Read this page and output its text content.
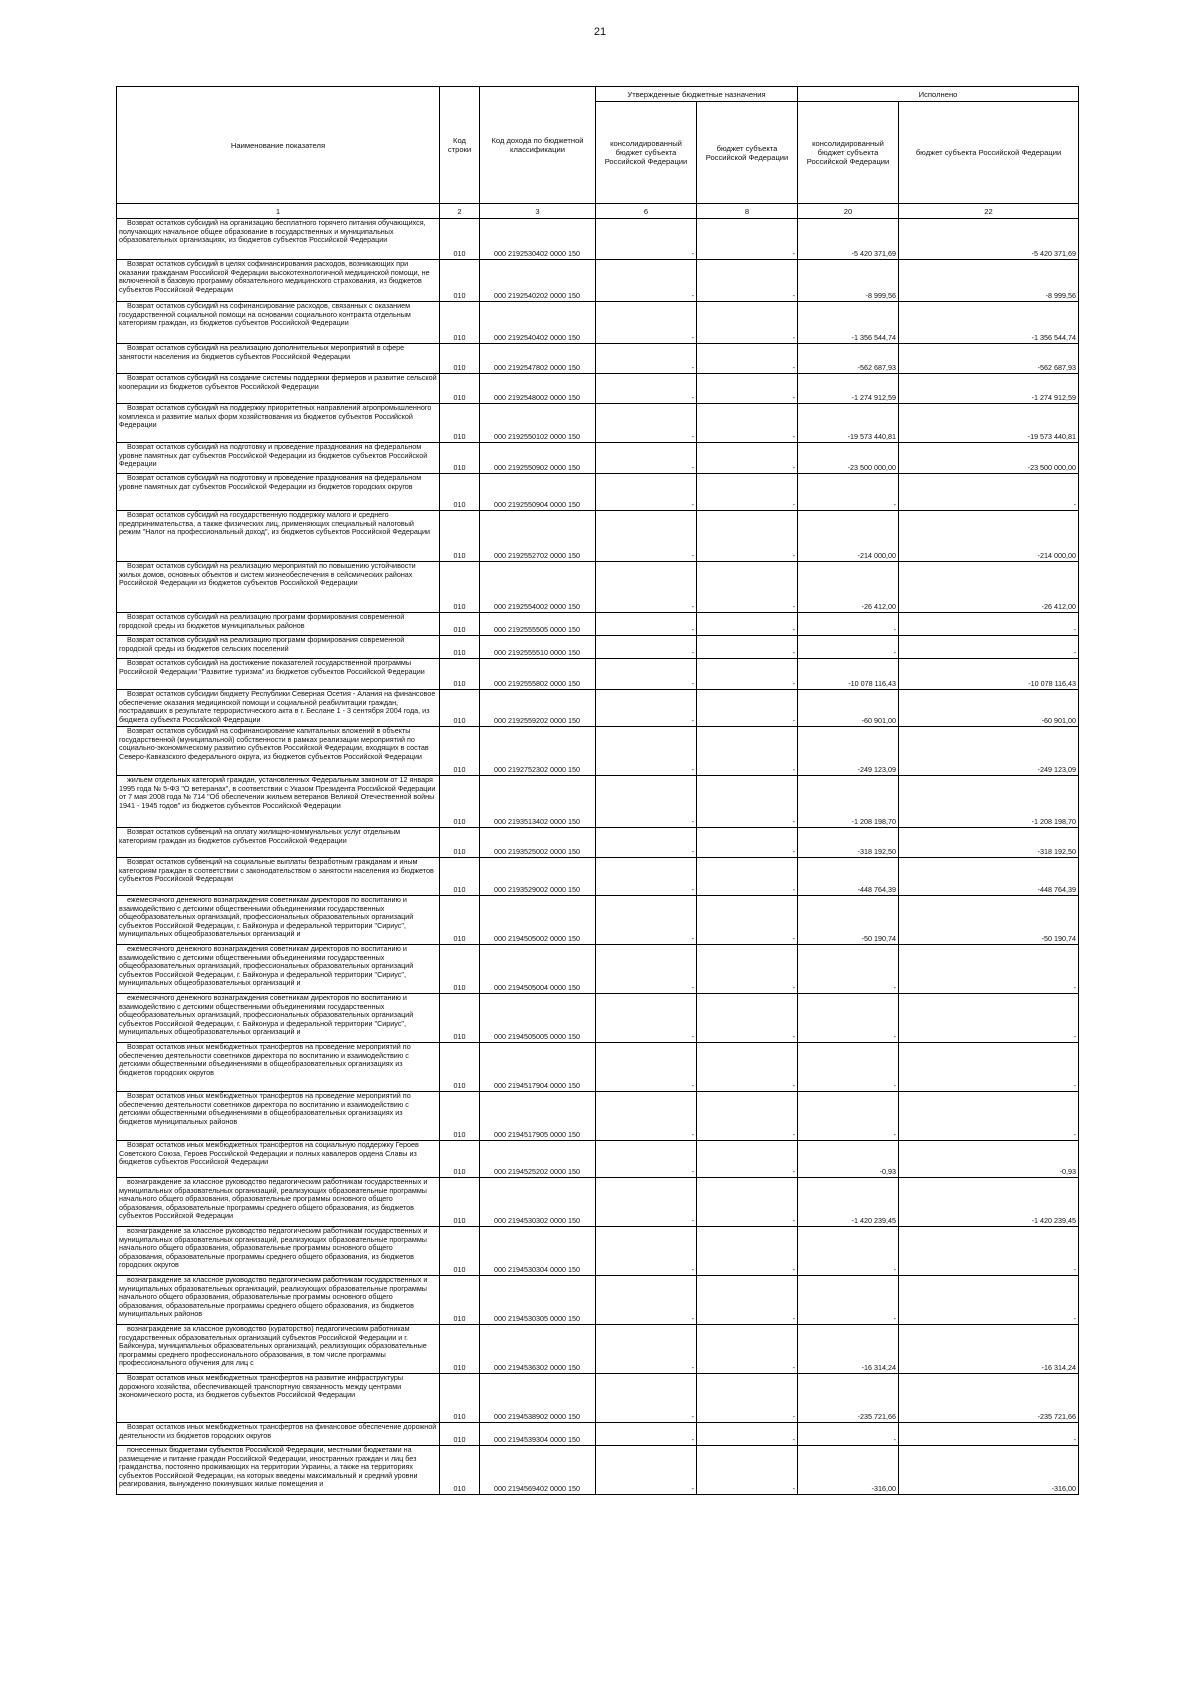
21
Наименование показателя	Код строки	Код дохода по бюджетной классификации	Утвержденные бюджетные назначения		Исполнено	
			консолидированный бюджет субъекта Российской Федерации	бюджет субъекта Российской Федерации	консолидированный бюджет субъекта Российской Федерации	бюджет субъекта Российской Федерации
1	2	3	6	8	20	22
Возврат остатков субсидий на организацию бесплатного горячего питания обучающихся, получающих начальное общее образование в государственных и муниципальных образовательных организациях, из бюджетов субъектов Российской Федерации	010	000 2192530402 0000 150	-	-	-5 420 371,69	-5 420 371,69
Возврат остатков субсидий в целях софинансирования расходов, возникающих при оказании гражданам Российской Федерации высокотехнологичной медицинской помощи, не включенной в базовую программу обязательного медицинского страхования, из бюджетов субъектов Российской Федерации	010	000 2192540202 0000 150	-	-	-8 999,56	-8 999,56
Возврат остатков субсидий на софинансирование расходов, связанных с оказанием государственной социальной помощи на основании социального контракта отдельным категориям граждан, из бюджетов субъектов Российской Федерации	010	000 2192540402 0000 150	-	-	-1 356 544,74	-1 356 544,74
Возврат остатков субсидий на реализацию дополнительных мероприятий в сфере занятости населения из бюджетов субъектов Российской Федерации	010	000 2192547802 0000 150	-	-	-562 687,93	-562 687,93
Возврат остатков субсидий на создание системы поддержки фермеров и развитие сельской кооперации из бюджетов субъектов Российской Федерации	010	000 2192548002 0000 150	-	-	-1 274 912,59	-1 274 912,59
Возврат остатков субсидий на поддержку приоритетных направлений агропромышленного комплекса и развитие малых форм хозяйствования из бюджетов субъектов Российской Федерации	010	000 2192550102 0000 150	-	-	-19 573 440,81	-19 573 440,81
Возврат остатков субсидий на подготовку и проведение празднования на федеральном уровне памятных дат субъектов Российской Федерации из бюджетов субъектов Российской Федерации	010	000 2192550902 0000 150	-	-	-23 500 000,00	-23 500 000,00
Возврат остатков субсидий на подготовку и проведение празднования на федеральном уровне памятных дат субъектов Российской Федерации из бюджетов городских округов	010	000 2192550904 0000 150	-	-	-	-
Возврат остатков субсидий на государственную поддержку малого и среднего предпринимательства, а также физических лиц, применяющих специальный налоговый режим "Налог на профессиональный доход", из бюджетов субъектов Российской Федерации	010	000 2192552702 0000 150	-	-	-214 000,00	-214 000,00
Возврат остатков субсидий на реализацию мероприятий по повышению устойчивости жилых домов, основных объектов и систем жизнеобеспечения в сейсмических районах Российской Федерации из бюджетов субъектов Российской Федерации	010	000 2192554002 0000 150	-	-	-26 412,00	-26 412,00
Возврат остатков субсидий на реализацию программ формирования современной городской среды из бюджетов муниципальных районов	010	000 2192555505 0000 150	-	-	-	-
Возврат остатков субсидий на реализацию программ формирования современной городской среды из бюджетов сельских поселений	010	000 2192555510 0000 150	-	-	-	-
Возврат остатков субсидий на достижение показателей государственной программы Российской Федерации "Развитие туризма" из бюджетов субъектов Российской Федерации	010	000 2192555802 0000 150	-	-	-10 078 116,43	-10 078 116,43
Возврат остатков субсидии бюджету Республики Северная Осетия - Алания на финансовое обеспечение оказания медицинской помощи и социальной реабилитации граждан, пострадавших в результате террористического акта в г. Беслане 1 - 3 сентября 2004 года, из бюджета субъекта Российской Федерации	010	000 2192559202 0000 150	-	-	-60 901,00	-60 901,00
Возврат остатков субсидий на софинансирование капитальных вложений в объекты государственной (муниципальной) собственности в рамках реализации мероприятий по социально-экономическому развитию субъектов Российской Федерации, входящих в состав Северо-Кавказского федерального округа, из бюджетов субъектов Российской Федерации	010	000 2192752302 0000 150	-	-	-249 123,09	-249 123,09
жильем отдельных категорий граждан, установленных Федеральным законом от 12 января 1995 года № 5-ФЗ "О ветеранах", в соответствии с Указом Президента Российской Федерации от 7 мая 2008 года № 714 "Об обеспечении жильем ветеранов Великой Отечественной войны 1941 - 1945 годов" из бюджетов субъектов Российской Федерации	010	000 2193513402 0000 150	-	-	-1 208 198,70	-1 208 198,70
Возврат остатков субвенций на оплату жилищно-коммунальных услуг отдельным категориям граждан из бюджетов субъектов Российской Федерации	010	000 2193525002 0000 150	-	-	-318 192,50	-318 192,50
Возврат остатков субвенций на социальные выплаты безработным гражданам и иным категориям граждан в соответствии с законодательством о занятости населения из бюджетов субъектов Российской Федерации	010	000 2193529002 0000 150	-	-	-448 764,39	-448 764,39
ежемесячного денежного вознаграждения советникам директоров по воспитанию и взаимодействию с детскими общественными объединениями государственных общеобразовательных организаций, профессиональных образовательных организаций субъектов Российской Федерации, г. Байконура и федеральной территории "Сириус", муниципальных общеобразовательных организаций и	010	000 2194505002 0000 150	-	-	-50 190,74	-50 190,74
ежемесячного денежного вознаграждения советникам директоров по воспитанию и взаимодействию с детскими общественными объединениями государственных общеобразовательных организаций, профессиональных образовательных организаций субъектов Российской Федерации, г. Байконура и федеральной территории "Сириус", муниципальных общеобразовательных организаций и	010	000 2194505004 0000 150	-	-	-	-
ежемесячного денежного вознаграждения советникам директоров по воспитанию и взаимодействию с детскими общественными объединениями государственных общеобразовательных организаций, профессиональных образовательных организаций субъектов Российской Федерации, г. Байконура и федеральной территории "Сириус", муниципальных общеобразовательных организаций и	010	000 2194505005 0000 150	-	-	-	-
Возврат остатков иных межбюджетных трансфертов на проведение мероприятий по обеспечению деятельности советников директора по воспитанию и взаимодействию с детскими общественными объединениями в общеобразовательных организациях из бюджетов городских округов	010	000 2194517904 0000 150	-	-	-	-
Возврат остатков иных межбюджетных трансфертов на проведение мероприятий по обеспечению деятельности советников директора по воспитанию и взаимодействию с детскими общественными объединениями в общеобразовательных организациях из бюджетов муниципальных районов	010	000 2194517905 0000 150	-	-	-	-
Возврат остатков иных межбюджетных трансфертов на социальную поддержку Героев Советского Союза, Героев Российской Федерации и полных кавалеров ордена Славы из бюджетов субъектов Российской Федерации	010	000 2194525202 0000 150	-	-	-0,93	-0,93
вознаграждение за классное руководство педагогическим работникам государственных и муниципальных образовательных организаций, реализующих образовательные программы начального общего образования, образовательные программы основного общего образования, образовательные программы среднего общего образования, из бюджетов субъектов Российской Федерации	010	000 2194530302 0000 150	-	-	-1 420 239,45	-1 420 239,45
вознаграждение за классное руководство педагогическим работникам государственных и муниципальных образовательных организаций, реализующих образовательные программы начального общего образования, образовательные программы основного общего образования, образовательные программы среднего общего образования, из бюджетов городских округов	010	000 2194530304 0000 150	-	-	-	-
вознаграждение за классное руководство педагогическим работникам государственных и муниципальных образовательных организаций, реализующих образовательные программы начального общего образования, образовательные программы основного общего образования, образовательные программы среднего общего образования, из бюджетов муниципальных районов	010	000 2194530305 0000 150	-	-	-	-
вознаграждение за классное руководство (кураторство) педагогическим работникам государственных образовательных организаций субъектов Российской Федерации и г. Байконура, муниципальных образовательных организаций, реализующих образовательные программы среднего профессионального образования, в том числе программы профессионального обучения для лиц с	010	000 2194536302 0000 150	-	-	-16 314,24	-16 314,24
Возврат остатков иных межбюджетных трансфертов на развитие инфраструктуры дорожного хозяйства, обеспечивающей транспортную связанность между центрами экономического роста, из бюджетов субъектов Российской Федерации	010	000 2194538902 0000 150	-	-	-235 721,66	-235 721,66
Возврат остатков иных межбюджетных трансфертов на финансовое обеспечение дорожной деятельности из бюджетов городских округов	010	000 2194539304 0000 150	-	-	-	-
понесенных бюджетами субъектов Российской Федерации, местными бюджетами на размещение и питание граждан Российской Федерации, иностранных граждан и лиц без гражданства, постоянно проживающих на территории Украины, а также на территориях субъектов Российской Федерации, на которых введены максимальный и средний уровни реагирования, вынужденно покинувших жилые помещения и	010	000 2194569402 0000 150	-	-	-316,00	-316,00
